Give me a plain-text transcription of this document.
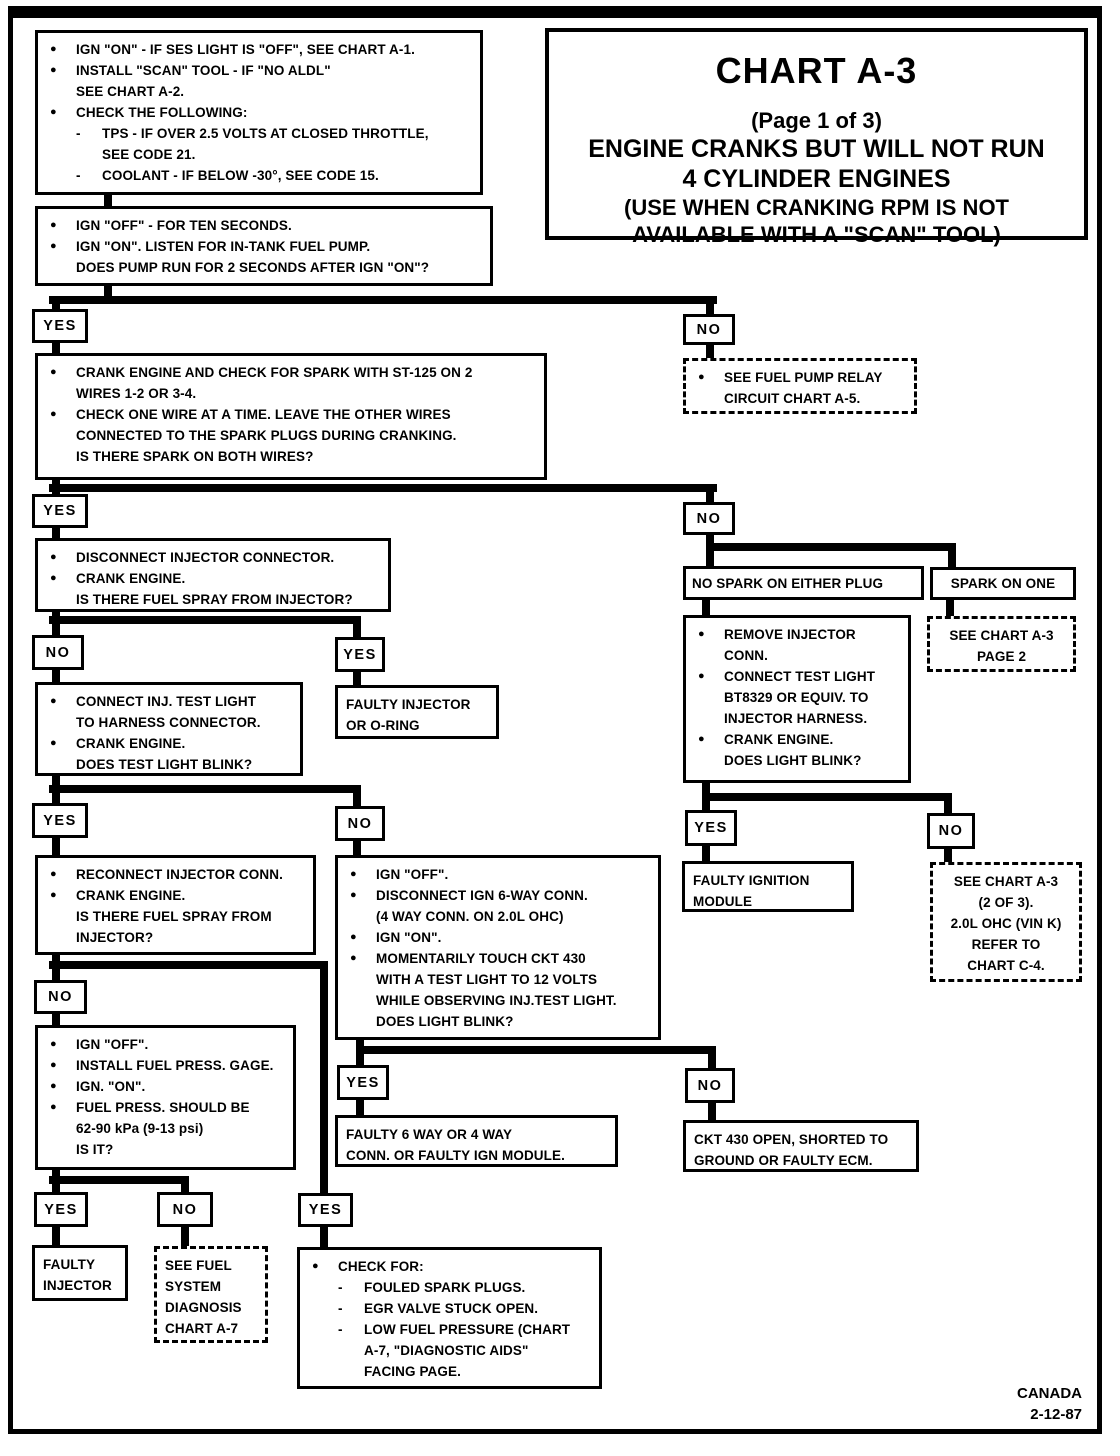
CHART A-3
(Page 1 of 3)
ENGINE CRANKS BUT WILL NOT RUN
4 CYLINDER ENGINES
(USE WHEN CRANKING RPM IS NOT
AVAILABLE WITH A "SCAN" TOOL)
●	IGN "ON" - IF SES LIGHT IS "OFF", SEE CHART A-1.
●	INSTALL "SCAN" TOOL - IF "NO ALDL"
SEE CHART A-2.
●	CHECK THE FOLLOWING:
-	TPS - IF OVER 2.5 VOLTS AT CLOSED THROTTLE,
SEE CODE 21.
-	COOLANT - IF BELOW -30°, SEE CODE 15.
●	IGN "OFF" - FOR TEN SECONDS.
●	IGN "ON". LISTEN FOR IN-TANK FUEL PUMP.
DOES PUMP RUN FOR 2 SECONDS AFTER IGN "ON"?
●	SEE FUEL PUMP RELAY
CIRCUIT CHART A-5.
●	CRANK ENGINE AND CHECK FOR SPARK WITH ST-125 ON 2
WIRES 1-2 OR 3-4.
●	CHECK ONE WIRE AT A TIME. LEAVE THE OTHER WIRES
CONNECTED TO THE SPARK PLUGS DURING CRANKING.
IS THERE SPARK ON BOTH WIRES?
●	DISCONNECT INJECTOR CONNECTOR.
●	CRANK ENGINE.
IS THERE FUEL SPRAY FROM INJECTOR?
FAULTY INJECTOR
OR O-RING
●	CONNECT INJ. TEST LIGHT
TO HARNESS CONNECTOR.
●	CRANK ENGINE.
DOES TEST LIGHT BLINK?
●	RECONNECT INJECTOR CONN.
●	CRANK ENGINE.
IS THERE FUEL SPRAY FROM
INJECTOR?
●	IGN "OFF".
●	DISCONNECT IGN 6-WAY CONN.
(4 WAY CONN. ON 2.0L OHC)
●	IGN "ON".
●	MOMENTARILY TOUCH CKT 430
WITH A TEST LIGHT TO 12 VOLTS
WHILE OBSERVING INJ.TEST LIGHT.
DOES LIGHT BLINK?
●	IGN "OFF".
●	INSTALL FUEL PRESS. GAGE.
●	IGN. "ON".
●	FUEL PRESS. SHOULD BE
62-90 kPa (9-13 psi)
IS IT?
FAULTY
INJECTOR
SEE FUEL
SYSTEM
DIAGNOSIS
CHART A-7
●	CHECK FOR:
-	FOULED SPARK PLUGS.
-	EGR VALVE STUCK OPEN.
-	LOW FUEL PRESSURE (CHART
A-7, "DIAGNOSTIC AIDS"
FACING PAGE.
FAULTY 6 WAY OR 4 WAY
CONN. OR FAULTY IGN MODULE.
CKT 430 OPEN, SHORTED TO
GROUND OR FAULTY ECM.
NO SPARK ON EITHER PLUG	SPARK ON ONE
SEE CHART A-3
PAGE 2
●	REMOVE INJECTOR
CONN.
●	CONNECT TEST LIGHT
BT8329 OR EQUIV. TO
INJECTOR HARNESS.
●	CRANK ENGINE.
DOES LIGHT BLINK?
FAULTY IGNITION
MODULE
SEE CHART A-3
(2 OF 3).
2.0L OHC (VIN K)
REFER TO
CHART C-4.
YES	NO
YES	NO
NO	YES
YES	NO
NO
YES
YES	NO
YES	NO
YES	NO
CANADA
2-12-87
